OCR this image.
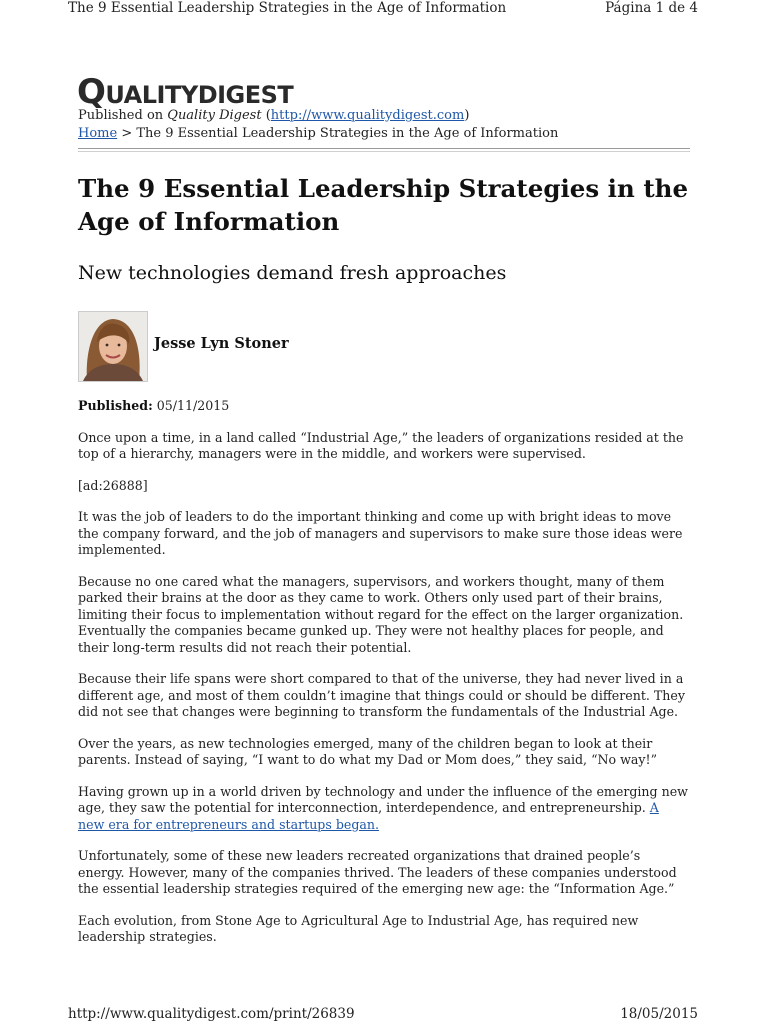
The 9 Essential Leadership Strategies in the Age of Information	Página 1 de 4
QUALITYDIGEST
Published on Quality Digest (http://www.qualitydigest.com)
Home > The 9 Essential Leadership Strategies in the Age of Information
The 9 Essential Leadership Strategies in the Age of Information
New technologies demand fresh approaches
Jesse Lyn Stoner

Published: 05/11/2015

Once upon a time, in a land called “Industrial Age,” the leaders of organizations resided at the top of a hierarchy, managers were in the middle, and workers were supervised.

[ad:26888]

It was the job of leaders to do the important thinking and come up with bright ideas to move the company forward, and the job of managers and supervisors to make sure those ideas were implemented.

Because no one cared what the managers, supervisors, and workers thought, many of them parked their brains at the door as they came to work. Others only used part of their brains, limiting their focus to implementation without regard for the effect on the larger organization. Eventually the companies became gunked up. They were not healthy places for people, and their long-term results did not reach their potential.

Because their life spans were short compared to that of the universe, they had never lived in a different age, and most of them couldn’t imagine that things could or should be different. They did not see that changes were beginning to transform the fundamentals of the Industrial Age.

Over the years, as new technologies emerged, many of the children began to look at their parents. Instead of saying, “I want to do what my Dad or Mom does,” they said, “No way!”

Having grown up in a world driven by technology and under the influence of the emerging new age, they saw the potential for interconnection, interdependence, and entrepreneurship. A new era for entrepreneurs and startups began.

Unfortunately, some of these new leaders recreated organizations that drained people’s energy. However, many of the companies thrived. The leaders of these companies understood the essential leadership strategies required of the emerging new age: the “Information Age.”

Each evolution, from Stone Age to Agricultural Age to Industrial Age, has required new leadership strategies.

http://www.qualitydigest.com/print/26839	18/05/2015
